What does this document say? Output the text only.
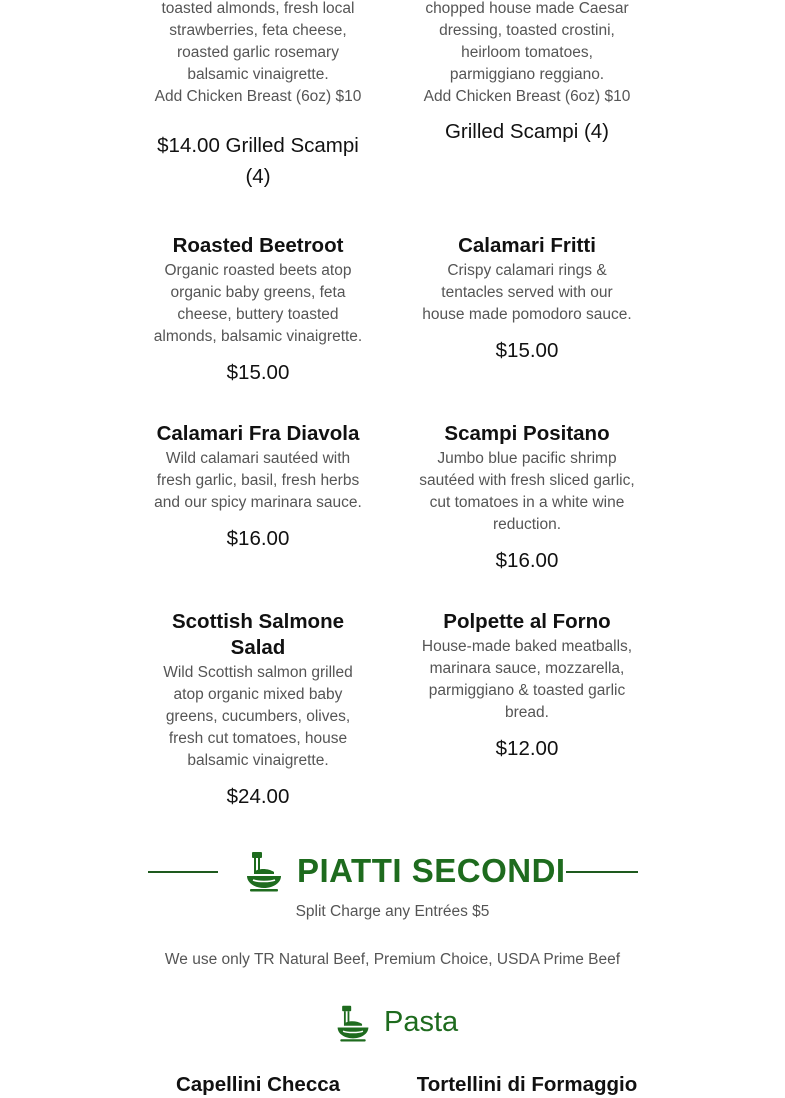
toasted almonds, fresh local
strawberries, feta cheese,
roasted garlic rosemary
balsamic vinaigrette.
Add Chicken Breast (6oz) $10

$14.00 Grilled Scampi
(4)

chopped house made Caesar
dressing, toasted crostini,
heirloom tomatoes,
parmiggiano reggiano.
Add Chicken Breast (6oz) $10

Grilled Scampi (4)

Roasted Beetroot

Organic roasted beets atop
organic baby greens, feta
cheese, buttery toasted
almonds, balsamic vinaigrette.

$15.00

Calamari Fritti

Crispy calamari rings &
tentacles served with our
house made pomodoro sauce.

$15.00

Calamari Fra Diavola

Wild calamari sautéed with
fresh garlic, basil, fresh herbs
and our spicy marinara sauce.

$16.00

Scampi Positano

Jumbo blue pacific shrimp
sautéed with fresh sliced garlic,
cut tomatoes in a white wine
reduction.

$16.00

Scottish Salmone Salad

Wild Scottish salmon grilled
atop organic mixed baby
greens, cucumbers, olives,
fresh cut tomatoes, house
balsamic vinaigrette.

$24.00

Polpette al Forno

House-made baked meatballs,
marinara sauce, mozzarella,
parmiggiano & toasted garlic
bread.

$12.00

PIATTI SECONDI
Split Charge any Entrées $5
We use only TR Natural Beef, Premium Choice, USDA Prime Beef
Pasta
Capellini Checca	Tortellini di Formaggio
